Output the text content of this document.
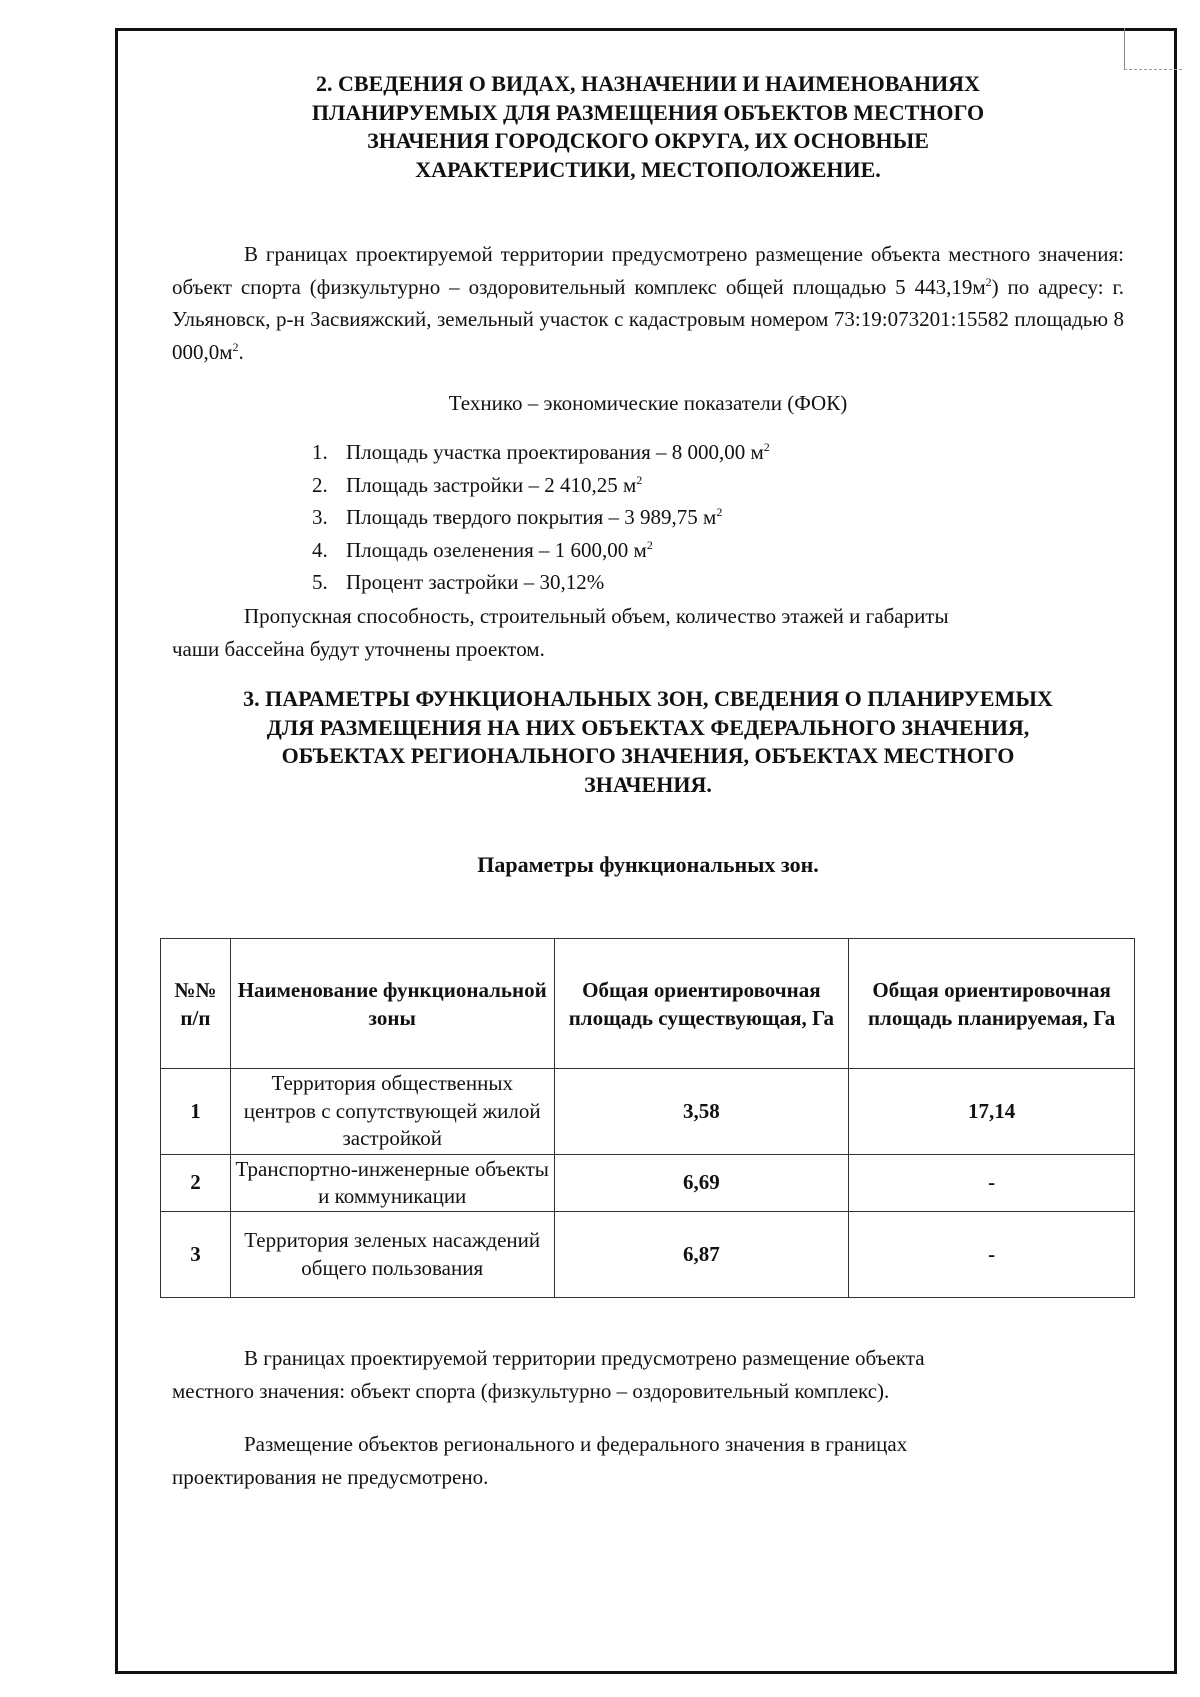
2. СВЕДЕНИЯ О ВИДАХ, НАЗНАЧЕНИИ И НАИМЕНОВАНИЯХ
ПЛАНИРУЕМЫХ ДЛЯ РАЗМЕЩЕНИЯ ОБЪЕКТОВ МЕСТНОГО
ЗНАЧЕНИЯ ГОРОДСКОГО ОКРУГА, ИХ ОСНОВНЫЕ
ХАРАКТЕРИСТИКИ, МЕСТОПОЛОЖЕНИЕ.

В границах проектируемой территории предусмотрено размещение объекта местного значения: объект спорта (физкультурно – оздоровительный комплекс общей площадью 5 $443,19м^2$) по адресу: г. Ульяновск, р-н Засвияжский, земельный участок с кадастровым номером 73:19:073201:15582 площадью 8 $000,0м^2$.

Технико – экономические показатели (ФОК)
1. Площадь участка проектирования – 8 000,00 $м^2$
2. Площадь застройки – 2 410,25 $м^2$
3. Площадь твердого покрытия – 3 989,75 $м^2$
4. Площадь озеленения – 1 600,00 $м^2$
5. Процент застройки – 30,12%
Пропускная способность, строительный объем, количество этажей и габариты
чаши бассейна будут уточнены проектом.
3. ПАРАМЕТРЫ ФУНКЦИОНАЛЬНЫХ ЗОН, СВЕДЕНИЯ О ПЛАНИРУЕМЫХ
ДЛЯ РАЗМЕЩЕНИЯ НА НИХ ОБЪЕКТАХ ФЕДЕРАЛЬНОГО ЗНАЧЕНИЯ,
ОБЪЕКТАХ РЕГИОНАЛЬНОГО ЗНАЧЕНИЯ, ОБЪЕКТАХ МЕСТНОГО
ЗНАЧЕНИЯ.
Параметры функциональных зон.
№№ п/п	Наименование функциональной зоны	Общая ориентировочная площадь существующая, Га	Общая ориентировочная площадь планируемая, Га
1	Территория общественных центров с сопутствующей жилой застройкой	3,58	17,14
2	Транспортно-инженерные объекты и коммуникации	6,69	-
3	Территория зеленых насаждений общего пользования	6,87	-
В границах проектируемой территории предусмотрено размещение объекта
местного значения: объект спорта (физкультурно – оздоровительный комплекс).
Размещение объектов регионального и федерального значения в границах
проектирования не предусмотрено.
